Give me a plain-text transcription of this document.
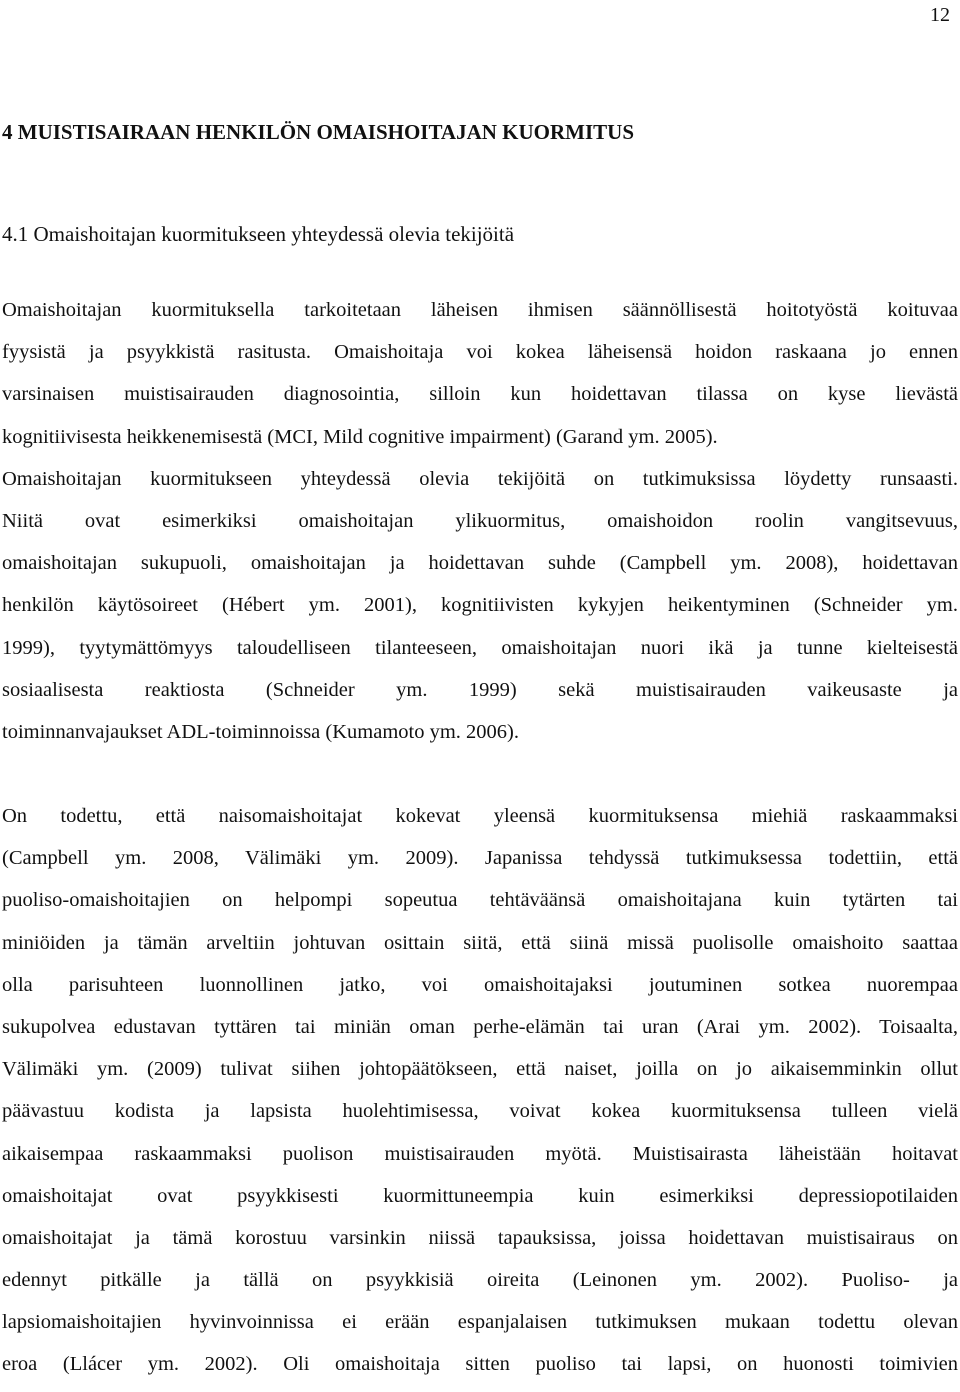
12
4 MUISTISAIRAAN HENKILÖN OMAISHOITAJAN KUORMITUS
4.1 Omaishoitajan kuormitukseen yhteydessä olevia tekijöitä
Omaishoitajan kuormituksella tarkoitetaan läheisen ihmisen säännöllisestä hoitotyöstä koituvaa
fyysistä ja psyykkistä rasitusta. Omaishoitaja voi kokea läheisensä hoidon raskaana jo ennen
varsinaisen muistisairauden diagnosointia, silloin kun hoidettavan tilassa on kyse lievästä
kognitiivisesta heikkenemisestä (MCI, Mild cognitive impairment) (Garand ym. 2005).
Omaishoitajan kuormitukseen yhteydessä olevia tekijöitä on tutkimuksissa löydetty runsaasti.
Niitä ovat esimerkiksi omaishoitajan ylikuormitus, omaishoidon roolin vangitsevuus,
omaishoitajan sukupuoli, omaishoitajan ja hoidettavan suhde (Campbell ym. 2008), hoidettavan
henkilön käytösoireet (Hébert ym. 2001), kognitiivisten kykyjen heikentyminen (Schneider ym.
1999), tyytymättömyys taloudelliseen tilanteeseen, omaishoitajan nuori ikä ja tunne kielteisestä
sosiaalisesta reaktiosta (Schneider ym. 1999) sekä muistisairauden vaikeusaste ja
toiminnanvajaukset ADL-toiminnoissa (Kumamoto ym. 2006).
On todettu, että naisomaishoitajat kokevat yleensä kuormituksensa miehiä raskaammaksi
(Campbell ym. 2008, Välimäki ym. 2009). Japanissa tehdyssä tutkimuksessa todettiin, että
puoliso-omaishoitajien on helpompi sopeutua tehtäväänsä omaishoitajana kuin tytärten tai
miniöiden ja tämän arveltiin johtuvan osittain siitä, että siinä missä puolisolle omaishoito saattaa
olla parisuhteen luonnollinen jatko, voi omaishoitajaksi joutuminen sotkea nuorempaa
sukupolvea edustavan tyttären tai miniän oman perhe-elämän tai uran (Arai ym. 2002). Toisaalta,
Välimäki ym. (2009) tulivat siihen johtopäätökseen, että naiset, joilla on jo aikaisemminkin ollut
päävastuu kodista ja lapsista huolehtimisessa, voivat kokea kuormituksensa tulleen vielä
aikaisempaa raskaammaksi puolison muistisairauden myötä. Muistisairasta läheistään hoitavat
omaishoitajat ovat psyykkisesti kuormittuneempia kuin esimerkiksi depressiopotilaiden
omaishoitajat ja tämä korostuu varsinkin niissä tapauksissa, joissa hoidettavan muistisairaus on
edennyt pitkälle ja tällä on psyykkisiä oireita (Leinonen ym. 2002). Puoliso- ja
lapsiomaishoitajien hyvinvoinnissa ei erään espanjalaisen tutkimuksen mukaan todettu olevan
eroa (Llácer ym. 2002). Oli omaishoitaja sitten puoliso tai lapsi, on huonosti toimivien
